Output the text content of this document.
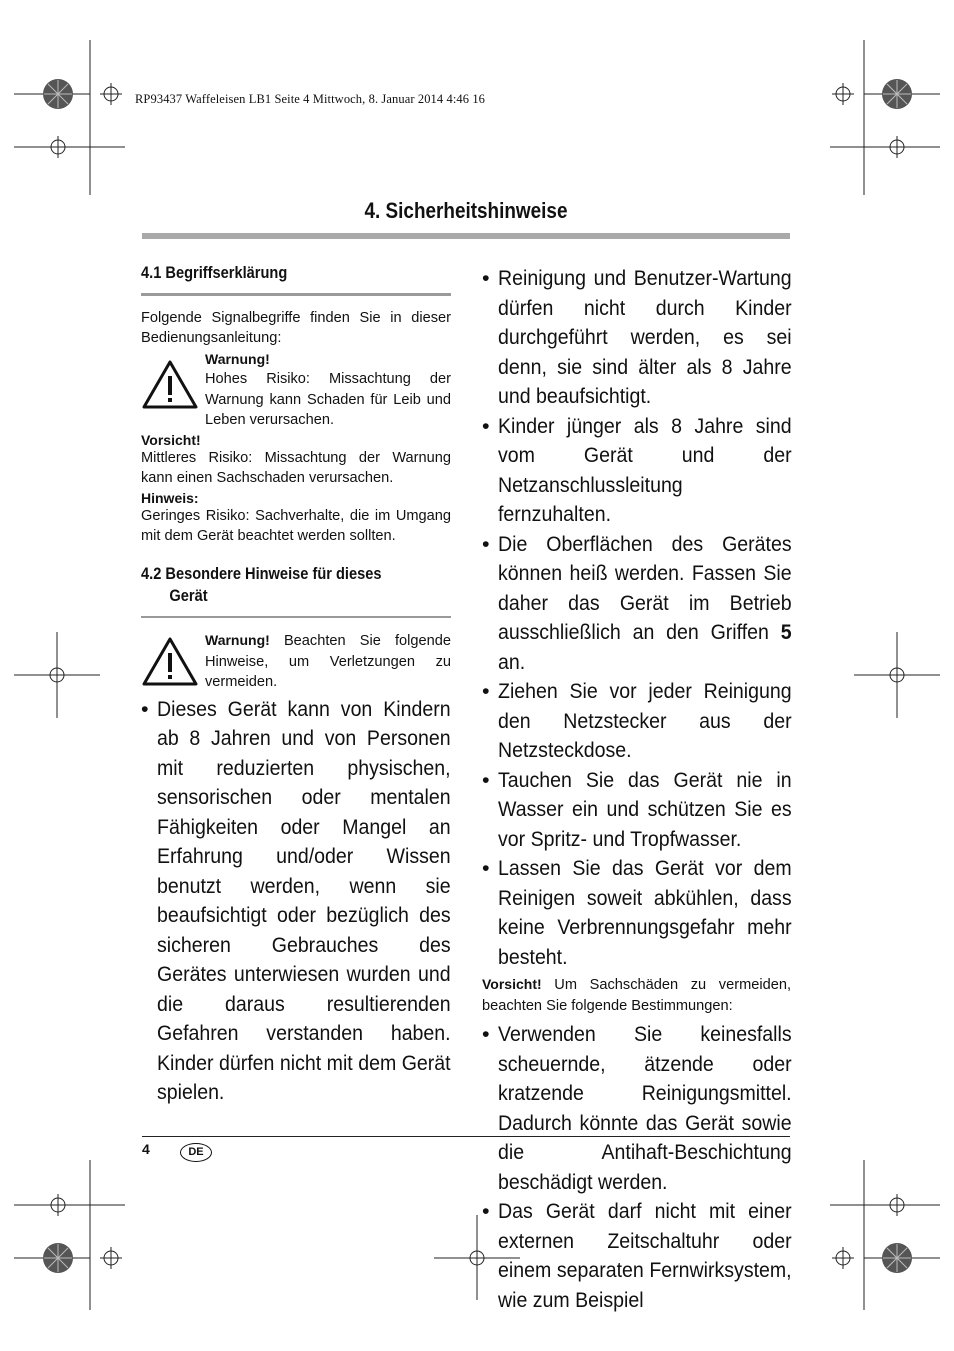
RP93437 Waffeleisen LB1 Seite 4 Mittwoch, 8. Januar 2014 4:46 16
4. Sicherheitshinweise
4.1 Begriffserklärung
Folgende Signalbegriffe finden Sie in dieser Bedienungsanleitung:
Warnung!
Hohes Risiko: Missachtung der Warnung kann Schaden für Leib und Leben verursachen.
Vorsicht!
Mittleres Risiko: Missachtung der Warnung kann einen Sachschaden verursachen.
Hinweis:
Geringes Risiko: Sachverhalte, die im Umgang mit dem Gerät beachtet werden sollten.
4.2 Besondere Hinweise für dieses
Gerät
Warnung! Beachten Sie folgende Hinweise, um Verletzungen zu vermeiden.
• Dieses Gerät kann von Kindern ab 8 Jahren und von Personen mit reduzierten physischen, sensorischen oder mentalen Fähigkeiten oder Mangel an Erfahrung und/oder Wissen benutzt werden, wenn sie beaufsichtigt oder bezüglich des sicheren Gebrauches des Gerätes unterwiesen wurden und die daraus resultierenden Gefahren verstanden haben. Kinder dürfen nicht mit dem Gerät spielen.
• Reinigung und Benutzer-Wartung dürfen nicht durch Kinder durchgeführt werden, es sei denn, sie sind älter als 8 Jahre und beaufsichtigt.
• Kinder jünger als 8 Jahre sind vom Gerät und der Netzanschlussleitung fernzuhalten.
• Die Oberflächen des Gerätes können heiß werden. Fassen Sie daher das Gerät im Betrieb ausschließlich an den Griffen 5 an.
• Ziehen Sie vor jeder Reinigung den Netzstecker aus der Netzsteckdose.
• Tauchen Sie das Gerät nie in Wasser ein und schützen Sie es vor Spritz- und Tropfwasser.
• Lassen Sie das Gerät vor dem Reinigen soweit abkühlen, dass keine Verbrennungsgefahr mehr besteht.
Vorsicht! Um Sachschäden zu vermeiden, beachten Sie folgende Bestimmungen:
• Verwenden Sie keinesfalls scheuernde, ätzende oder kratzende Reinigungsmittel. Dadurch könnte das Gerät sowie die Antihaft-Beschichtung beschädigt werden.
• Das Gerät darf nicht mit einer externen Zeitschaltuhr oder einem separaten Fernwirksystem, wie zum Beispiel
4	DE
